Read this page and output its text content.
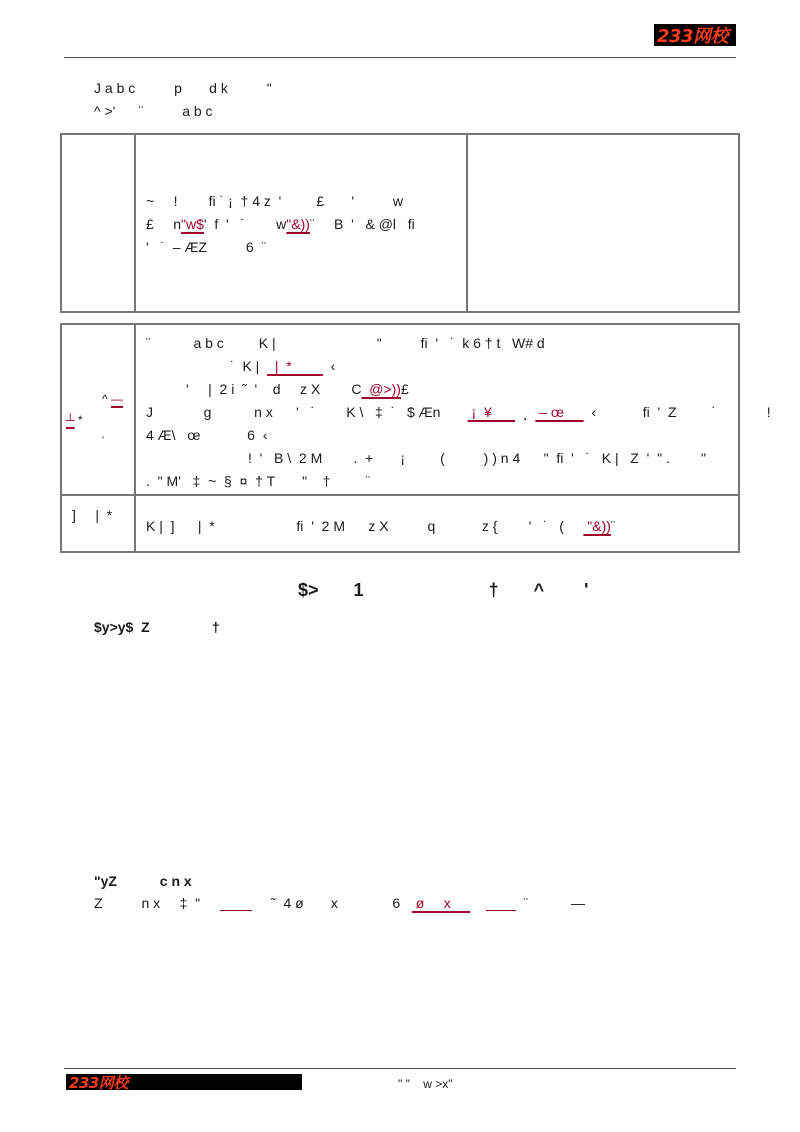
233网校
J a b c          p       d k          "
^ >'      ¨          a b c
~     !        fi ˙ ¡  † 4 z  '         £       '          w
£     n"w$'  f  '   ˙        w"&))¨     B  '   & @l   fi
'   ˙  – ÆZ          6  ¨
^ —
┴ *
‘
¨           a b c         K |                          "          fi  '   ˙  k 6 † t   W# d
˙  K |    |  *          ‹
'     |  2 i  ˜  '    d     z X        C  @>))£
J             g           n x      '   ˙        K \   ‡  ˙   $ Æn        ¡  ¥        ¸   – œ       ‹            fi  '  Z         ˙             !
4 Æ\   œ            6  ‹
!  '   B \  2 M        .  +       ¡         (          ) ) n 4      "  fi  '   ˙   K |   Z  '  " .        "
.  " M'   ‡  ~  §  ¤  † T       "    †         ¨
]     |  *
K |  ]      |  *                     fi  '  2 M      z X          q            z {        '   ˙   (      "&))¨
$>       1                         †       ^        '
$y>y$  Z                †
"yZ           c n x
Z          n x     ‡  "          ˜  4 ø       x              6    ø     x	¨           —
233网校	" "    w >x"
